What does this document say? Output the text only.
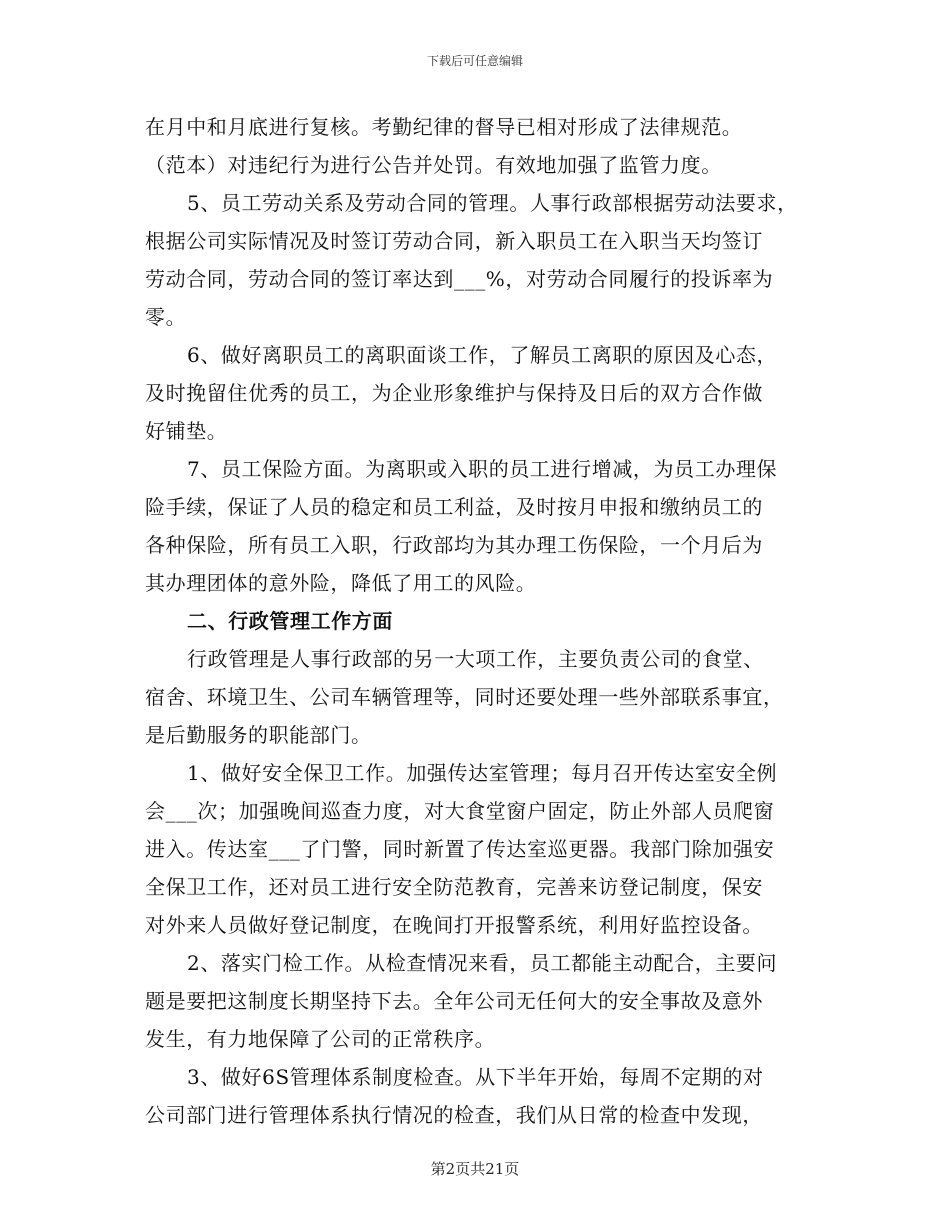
下载后可任意编辑
在月中和月底进行复核。考勤纪律的督导已相对形成了法律规范。
（范本）对违纪行为进行公告并处罚。有效地加强了监管力度。
5、员工劳动关系及劳动合同的管理。人事行政部根据劳动法要求，
根据公司实际情况及时签订劳动合同，新入职员工在入职当天均签订
劳动合同，劳动合同的签订率达到___%，对劳动合同履行的投诉率为
零。
6、做好离职员工的离职面谈工作，了解员工离职的原因及心态，
及时挽留住优秀的员工，为企业形象维护与保持及日后的双方合作做
好铺垫。
7、员工保险方面。为离职或入职的员工进行增减，为员工办理保
险手续，保证了人员的稳定和员工利益，及时按月申报和缴纳员工的
各种保险，所有员工入职，行政部均为其办理工伤保险，一个月后为
其办理团体的意外险，降低了用工的风险。
二、行政管理工作方面
行政管理是人事行政部的另一大项工作，主要负责公司的食堂、
宿舍、环境卫生、公司车辆管理等，同时还要处理一些外部联系事宜，
是后勤服务的职能部门。
1、做好安全保卫工作。加强传达室管理；每月召开传达室安全例
会___次；加强晚间巡查力度，对大食堂窗户固定，防止外部人员爬窗
进入。传达室___了门警，同时新置了传达室巡更器。我部门除加强安
全保卫工作，还对员工进行安全防范教育，完善来访登记制度，保安
对外来人员做好登记制度，在晚间打开报警系统，利用好监控设备。
2、落实门检工作。从检查情况来看，员工都能主动配合，主要问
题是要把这制度长期坚持下去。全年公司无任何大的安全事故及意外
发生，有力地保障了公司的正常秩序。
3、做好6S管理体系制度检查。从下半年开始，每周不定期的对
公司部门进行管理体系执行情况的检查，我们从日常的检查中发现，
第2页共21页
